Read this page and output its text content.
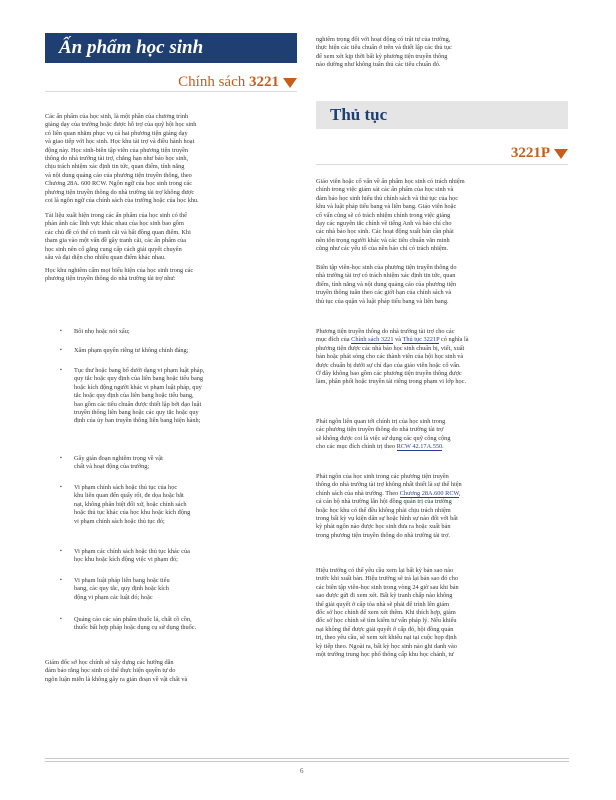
Ấn phẩm học sinh
Chính sách 3221
Thủ tục
3221P

Các ấn phẩm của học sinh, là một phần của chương trình

giảng dạy của trường hoặc được hỗ trợ của quỹ hội học sinh

có liên quan nhằm phục vụ cả hai phương tiện giảng dạy

và giao tiếp với học sinh. Học khu tài trợ và điều hành hoạt

động này. Học sinh-biên tập viên của phương tiện truyền

thông do nhà trường tài trợ, chẳng hạn như báo học sinh,

chịu trách nhiệm xác định tin tức, quan điểm, tính năng

và nội dung quảng cáo của phương tiện truyền thông, theo

Chương 28A. 600 RCW. Ngôn ngữ của học sinh trong các

phương tiện truyền thông do nhà trường tài trợ không được

coi là ngôn ngữ của chính sách của trường hoặc của học khu.

Tài liệu xuất hiện trong các ấn phẩm của học sinh có thể

phản ánh các lĩnh vực khác nhau của học sinh bao gồm

các chủ đề có thể có tranh cãi và bất đồng quan điểm. Khi

tham gia vào một vấn đề gây tranh cãi, các ấn phẩm của

học sinh nên cố gắng cung cấp cách giải quyết chuyên

sâu và đại diện cho nhiều quan điểm khác nhau.

Học khu nghiêm cấm mọi biểu hiện của học sinh trong các

phương tiện truyền thông do nhà trường tài trợ như:

▪ Bôi nhọ hoặc nói xấu;

▪ Xâm phạm quyền riêng tư không chính đáng;

▪ Tục thư hoặc bang bổ dưới dạng vi phạm luật pháp,

quy tắc hoặc quy định của liên bang hoặc tiểu bang

hoặc kích động người khác vi phạm luật pháp, quy

tắc hoặc quy định của liên bang hoặc tiểu bang,

bao gồm các tiêu chuẩn được thiết lập bởi đạo luật

truyền thông liên bang hoặc các quy tắc hoặc quy

định của ủy ban truyền thông liên bang hiện hành;

▪ Gây gián đoạn nghiêm trọng về vật

chất và hoạt động của trường;

▪ Vi phạm chính sách hoặc thủ tục của học

khu liên quan đến quấy rối, đe dọa hoặc bắt

nạt, không phân biệt đối xử, hoặc chính sách

hoặc thủ tục khác của học khu hoặc kích động

vi phạm chính sách hoặc thủ tục đó;

▪ Vi phạm các chính sách hoặc thủ tục khác của

học khu hoặc kích động việc vi phạm đó;

▪ Vi phạm luật pháp liên bang hoặc tiểu

bang, các quy tắc, quy định hoặc kích

động vi phạm các luật đó; hoặc

▪ Quảng cáo các sản phẩm thuốc lá, chất cồ cồn,

thuốc bất hợp pháp hoặc dụng cụ sử dụng thuốc.

Giám đốc sở học chính sẽ xây dựng các hướng dẫn

đảm bảo rằng học sinh có thể thực hiện quyền tự do

ngôn luận miễn là không gây ra gián đoạn về vật chất và

nghiêm trọng đối với hoạt động có trật tự của trường,

thực hiện các tiêu chuẩn ở trên và thiết lập các thủ tục

để xem xét kịp thời bất kỳ phương tiện truyền thông

nào dường như không tuân thủ các tiêu chuẩn đó.

Giáo viên hoặc cố vấn về ấn phẩm học sinh có trách nhiệm

chính trong việc giám sát các ấn phẩm của học sinh và

đảm bảo học sinh hiểu thủ chính sách và thủ tục của học

khu và luật pháp tiểu bang và liên bang. Giáo viên hoặc

cố vấn cũng sẽ có trách nhiệm chính trong việc giảng

dạy các nguyên tắc chính về tiếng Anh và báo chí cho

các nhà báo học sinh. Các hoạt động xuất bản cần phải

nên tôn trọng người khác và các tiêu chuẩn văn minh

cũng như các yếu tố của nền báo chí có trách nhiệm.

Biên tập viên-học sinh của phương tiện truyền thông do

nhà trường tài trợ có trách nhiệm xác định tin tức, quan

điểm, tính năng và nội dung quảng cáo của phương tiện

truyền thông tuân theo các giới hạn của chính sách và

thủ tục của quận và luật pháp tiểu bang và liên bang.

Phương tiện truyền thông do nhà trường tài trợ cho các

mục đích của Chính sách 3221 và Thủ tục 3221P có nghĩa là

phương tiện được các nhà báo học sinh chuẩn bị, viết, xuất

bản hoặc phát sóng cho các thành viên của hội học sinh và

được chuẩn bị dưới sự chỉ đạo của giáo viên hoặc cố vấn.

Ở đây không bao gồm các phương tiện truyền thông được

làm, phân phối hoặc truyền tải riêng trong phạm vi lớp học.

Phát ngôn liên quan tới chính trị của học sinh trong

các phương tiện truyền thông do nhà trường tài trợ

sẽ không được coi là việc sử dụng các quỹ công cộng

cho các mục đích chính trị theo RCW 42.17A.550.

Phát ngôn của học sinh trong các phương tiện truyền

thông do nhà trường tài trợ không nhất thiết là sự thể hiện

chính sách của nhà trường. Theo Chương 28A.600 RCW,

cả cán bộ nhà trường lẫn hội đồng quản trị của trường

hoặc học khu có thể đều không phải chịu trách nhiệm

trong bất kỳ vụ kiện dân sự hoặc hình sự nào đối với bất

kỳ phát ngôn nào được học sinh đưa ra hoặc xuất bản

trong phương tiện truyền thông do nhà trường tài trợ.

Hiệu trưởng có thể yêu cầu xem lại bất kỳ bản sao nào

trước khi xuất bản. Hiệu trưởng sẽ trả lại bản sao đó cho

các biên tập viên-học sinh trong vòng 24 giờ sau khi bản

sao được gửi đi xem xét. Bất kỳ tranh chấp nào không

thể giải quyết ở cấp tòa nhà sẽ phải để trình lên giám

đốc sở học chính để xem xét thêm. Khi thích hợp, giám

đốc sở học chính sẽ tìm kiếm tư vấn pháp lý. Nếu khiếu

nại không thể được giải quyết ở cấp đó, hội đồng quản

trị, theo yêu cầu, sẽ xem xét khiếu nại tại cuộc họp định

kỳ tiếp theo. Ngoài ra, bất kỳ học sinh nào ghi danh vào

một trường trung học phổ thông cấp khu học chánh, tư

6
